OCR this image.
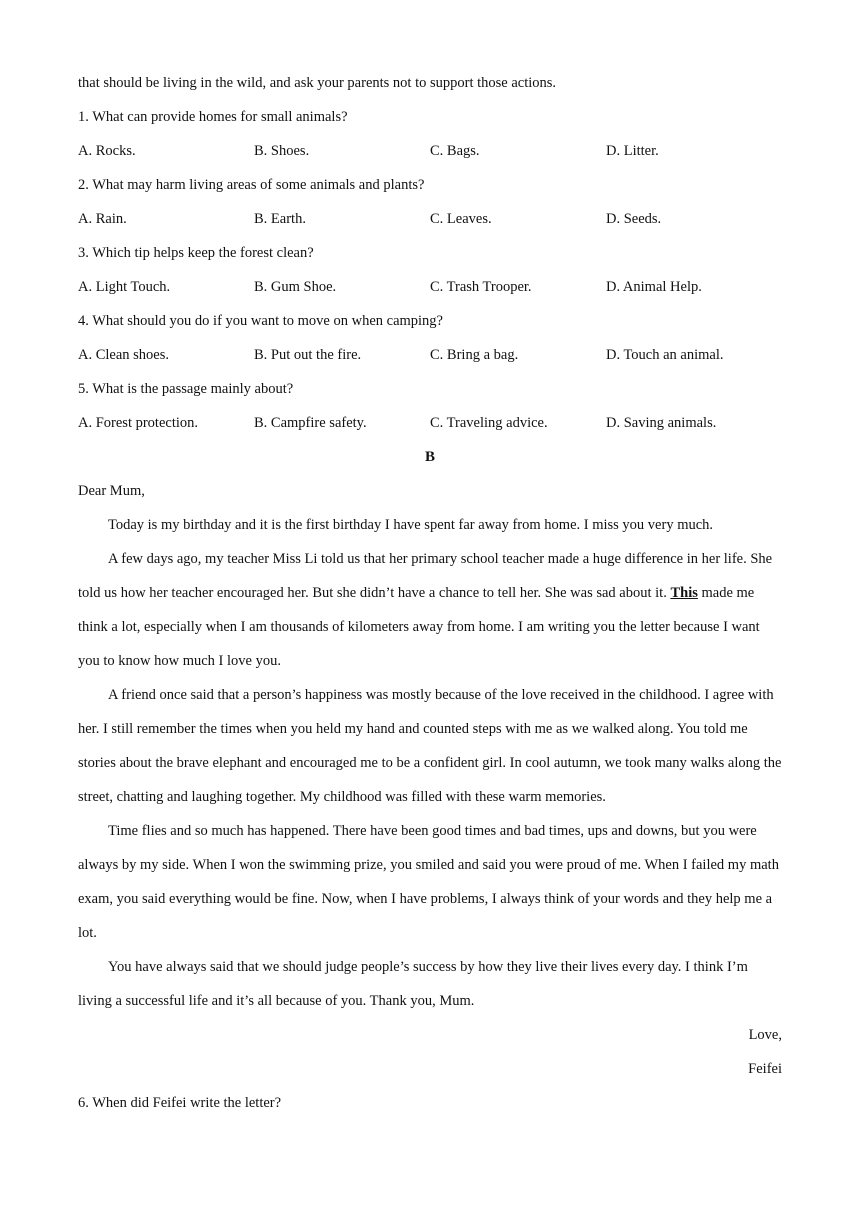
that should be living in the wild, and ask your parents not to support those actions.
1. What can provide homes for small animals?
A. Rocks.	B. Shoes.	C. Bags.	D. Litter.
2. What may harm living areas of some animals and plants?
A. Rain.	B. Earth.	C. Leaves.	D. Seeds.
3. Which tip helps keep the forest clean?
A. Light Touch.	B. Gum Shoe.	C. Trash Trooper.	D. Animal Help.
4. What should you do if you want to move on when camping?
A. Clean shoes.	B. Put out the fire.	C. Bring a bag.	D. Touch an animal.
5. What is the passage mainly about?
A. Forest protection.	B. Campfire safety.	C. Traveling advice.	D. Saving animals.
B
Dear Mum,

Today is my birthday and it is the first birthday I have spent far away from home. I miss you very much.

A few days ago, my teacher Miss Li told us that her primary school teacher made a huge difference in her life. She told us how her teacher encouraged her. But she didn’t have a chance to tell her. She was sad about it. This made me think a lot, especially when I am thousands of kilometers away from home. I am writing you the letter because I want you to know how much I love you.

A friend once said that a person’s happiness was mostly because of the love received in the childhood. I agree with her. I still remember the times when you held my hand and counted steps with me as we walked along. You told me stories about the brave elephant and encouraged me to be a confident girl. In cool autumn, we took many walks along the street, chatting and laughing together. My childhood was filled with these warm memories.

Time flies and so much has happened. There have been good times and bad times, ups and downs, but you were always by my side. When I won the swimming prize, you smiled and said you were proud of me. When I failed my math exam, you said everything would be fine. Now, when I have problems, I always think of your words and they help me a lot.

You have always said that we should judge people’s success by how they live their lives every day. I think I’m living a successful life and it’s all because of you. Thank you, Mum.

Love,
Feifei
6. When did Feifei write the letter?
